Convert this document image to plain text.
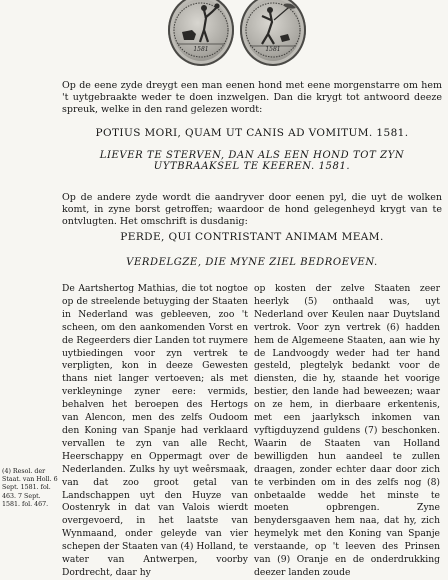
1581	1581
Op de eene zyde dreygt een man eenen hond met eene morgenstarre om hem 't uytgebraakte weder te doen inzwelgen. Dan die krygt tot antwoord deeze spreuk, welke in den rand gelezen wordt:
POTIUS MORI, QUAM UT CANIS AD VOMITUM. 1581.
LIEVER TE STERVEN, DAN ALS EEN HOND TOT ZYN UYTBRAAKSEL TE KEEREN. 1581.
Op de andere zyde wordt die aandryver door eenen pyl, die uyt de wolken komt, in zyne borst getroffen; waardoor de hond gelegenheyd krygt van te ontvlugten. Het omschrift is dusdanig:
PERDE, QUI CONTRISTANT ANIMAM MEAM.
VERDELGZE, DIE MYNE ZIEL BEDROEVEN.
De Aartshertog Mathias, die tot nogtoe op de streelende betuyging der Staaten in Nederland was gebleeven, zoo 't scheen, om den aankomenden Vorst en de Regeerders dier Landen tot ruymere uytbiedingen voor zyn vertrek te verpligten, kon in deeze Gewesten thans niet langer vertoeven; als met verkleyninge zyner eere: vermids, behalven het beroepen des Hertogs van Alencon, men des zelfs Oudoom den Koning van Spanje had verklaard vervallen te zyn van alle Recht, Heerschappy en Oppermagt over de Nederlanden. Zulks hy uyt weêrsmaak, van dat zoo groot getal van Landschappen uyt den Huyze van Oostenryk in dat van Valois wierdt overgevoerd, in het laatste van Wynmaand, onder geleyde van vier schepen der Staaten van (4) Holland, te water van Antwerpen, voorby Dordrecht, daar hy
op kosten der zelve Staaten zeer heerlyk (5) onthaald was, uyt Nederland over Keulen naar Duytsland vertrok. Voor zyn vertrek (6) hadden hem de Algemeene Staaten, aan wie hy de Landvoogdy weder had ter hand gesteld, plegtelyk bedankt voor de diensten, die hy, staande het voorige bestier, den lande had beweezen; waar on ze hem, in dierbaare erkentenis, met een jaarlyksch inkomen van vyftigduyzend guldens (7) beschonken. Waarin de Staaten van Holland bewilligden hun aandeel te zullen draagen, zonder echter daar door zich te verbinden om in des zelfs nog (8) onbetaalde wedde het minste te moeten opbrengen. Zyne benydersgaaven hem naa, dat hy, zich heymelyk met den Koning van Spanje verstaande, op 't leeven des Prinsen van (9) Oranje en de onderdrukking deezer landen zoude
(4) Resol. der Staat. van Holl. 6 Sept. 1581. fol. 463. 7 Sept. 1581. fol. 467.
